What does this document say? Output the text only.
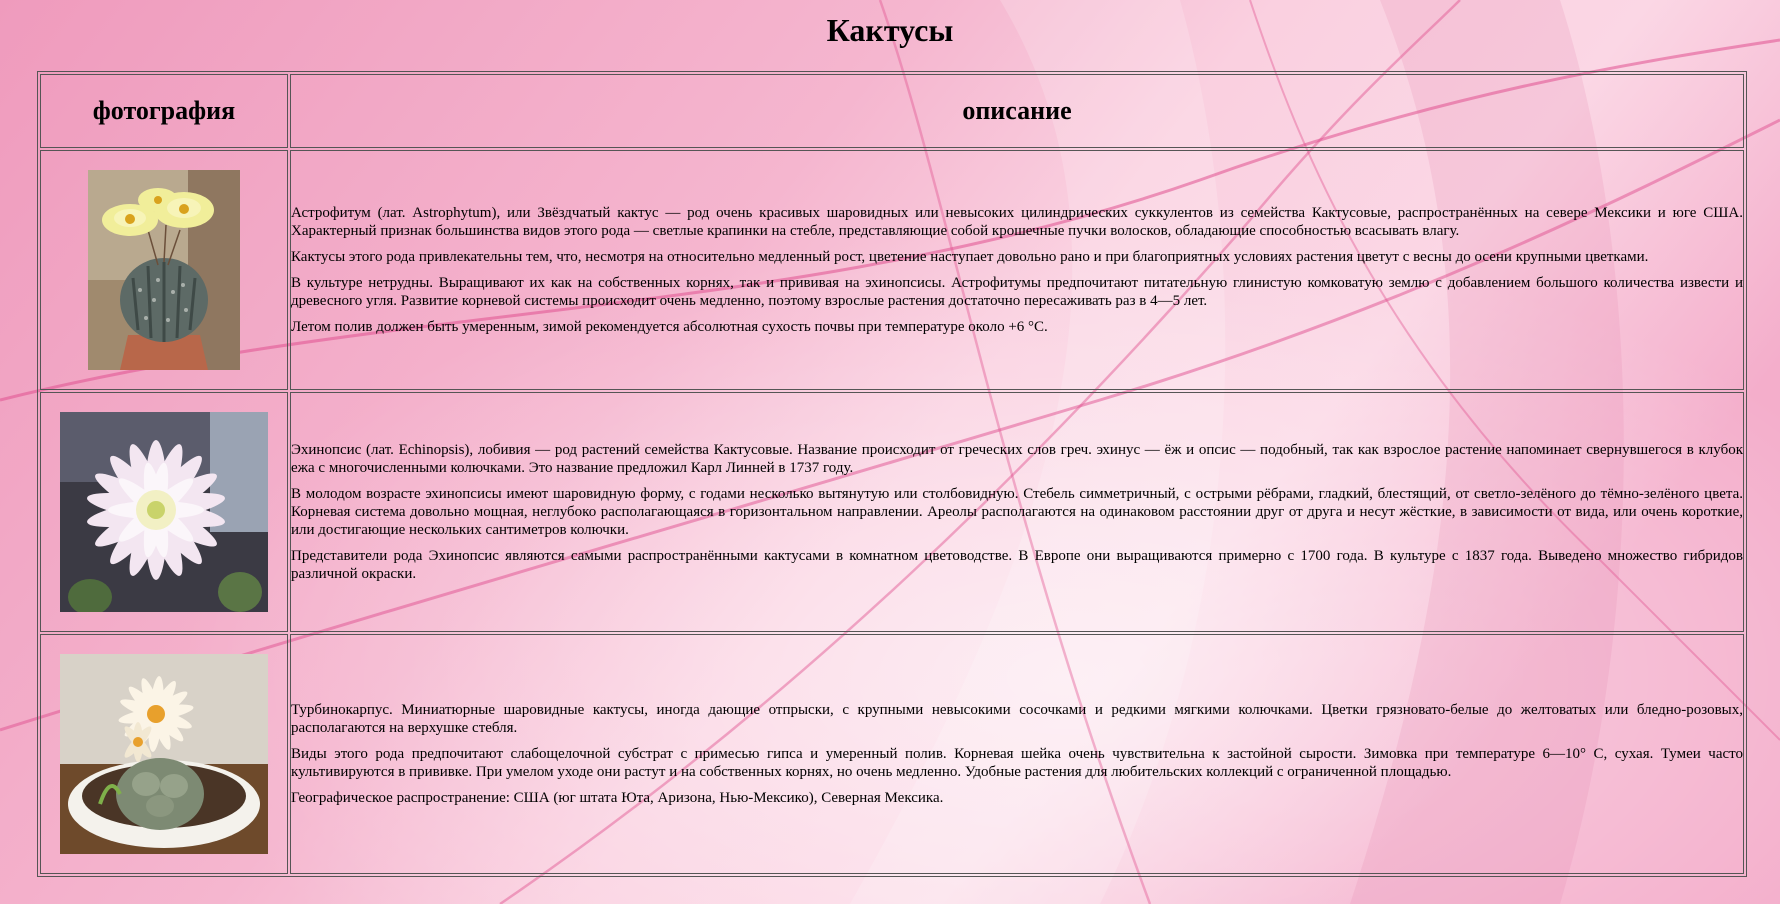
Кактусы
фотография	описание

Астрофитум (лат. Astrophytum), или Звёздчатый кактус — род очень красивых шаровидных или невысоких цилиндрических суккулентов из семейства Кактусовые, распространённых на севере Мексики и юге США. Характерный признак большинства видов этого рода — светлые крапинки на стебле, представляющие собой крошечные пучки волосков, обладающие способностью всасывать влагу.

Кактусы этого рода привлекательны тем, что, несмотря на относительно медленный рост, цветение наступает довольно рано и при благоприятных условиях растения цветут с весны до осени крупными цветками.

В культуре нетрудны. Выращивают их как на собственных корнях, так и прививая на эхинопсисы. Астрофитумы предпочитают питательную глинистую комковатую землю с добавлением большого количества извести и древесного угля. Развитие корневой системы происходит очень медленно, поэтому взрослые растения достаточно пересаживать раз в 4—5 лет.

Летом полив должен быть умеренным, зимой рекомендуется абсолютная сухость почвы при температуре около +6 °С.

Эхинопсис (лат. Echinopsis), лобивия — род растений семейства Кактусовые. Название происходит от греческих слов греч. эхинус — ёж и опсис — подобный, так как взрослое растение напоминает свернувшегося в клубок ежа с многочисленными колючками. Это название предложил Карл Линней в 1737 году.

В молодом возрасте эхинопсисы имеют шаровидную форму, с годами несколько вытянутую или столбовидную. Стебель симметричный, с острыми рёбрами, гладкий, блестящий, от светло-зелёного до тёмно-зелёного цвета. Корневая система довольно мощная, неглубоко располагающаяся в горизонтальном направлении. Ареолы располагаются на одинаковом расстоянии друг от друга и несут жёсткие, в зависимости от вида, или очень короткие, или достигающие нескольких сантиметров колючки.

Представители рода Эхинопсис являются самыми распространёнными кактусами в комнатном цветоводстве. В Европе они выращиваются примерно с 1700 года. В культуре с 1837 года. Выведено множество гибридов различной окраски.

Турбинокарпус. Миниатюрные шаровидные кактусы, иногда дающие отпрыски, с крупными невысокими сосочками и редкими мягкими колючками. Цветки грязновато-белые до желтоватых или бледно-розовых, располагаются на верхушке стебля.

Виды этого рода предпочитают слабощелочной субстрат с примесью гипса и умеренный полив. Корневая шейка очень чувствительна к застойной сырости. Зимовка при температуре 6—10° С, сухая. Тумеи часто культивируются в прививке. При умелом уходе они растут и на собственных корнях, но очень медленно. Удобные растения для любительских коллекций с ограниченной площадью.

Географическое распространение: США (юг штата Юта, Аризона, Нью-Мексико), Северная Мексика.
